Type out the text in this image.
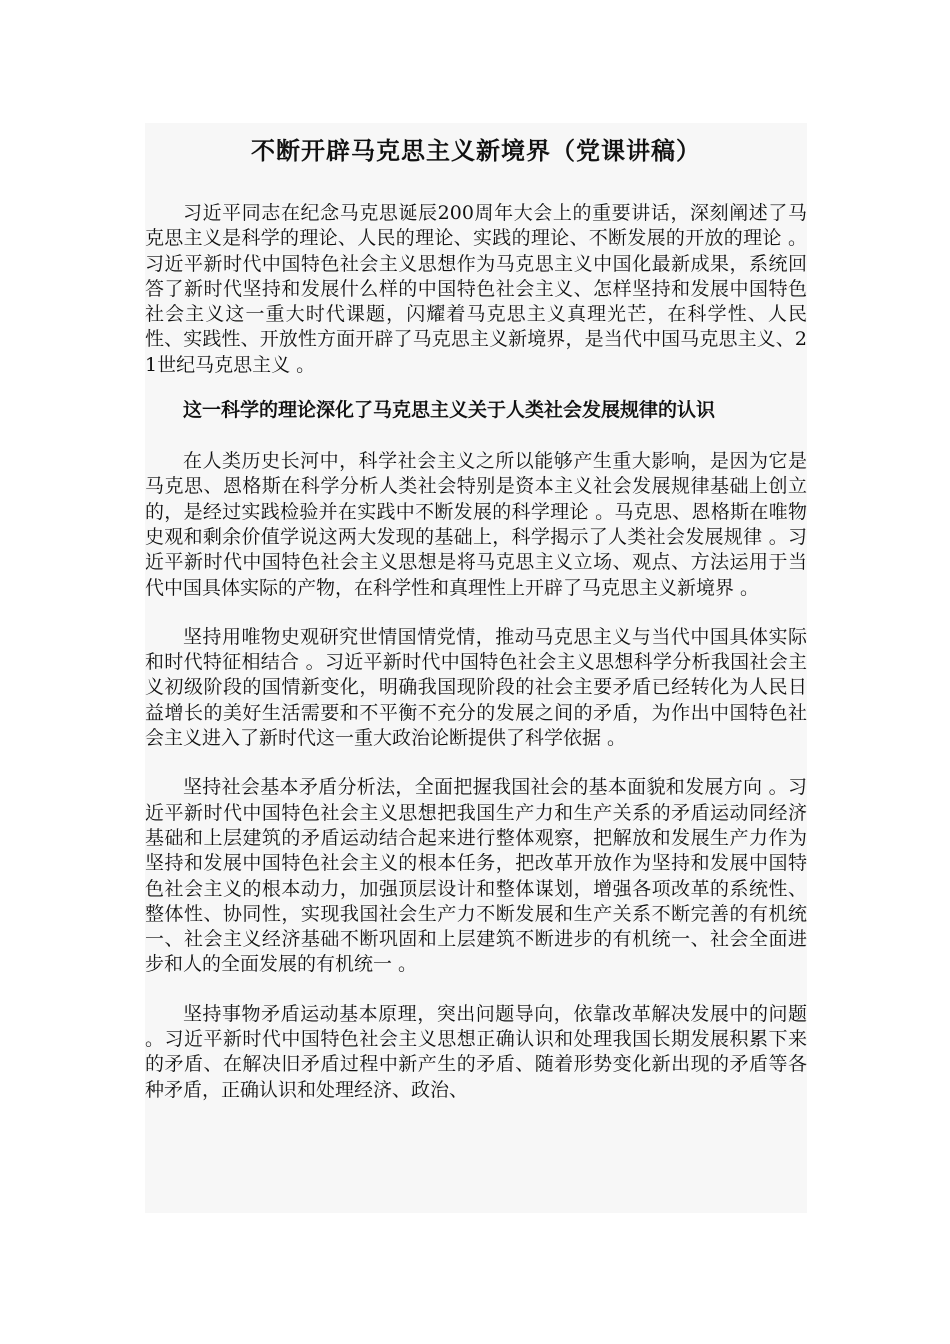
不断开辟马克思主义新境界（党课讲稿）

习近平同志在纪念马克思诞辰200周年大会上的重要讲话，深刻阐述了马克思主义是科学的理论、人民的理论、实践的理论、不断发展的开放的理论 。习近平新时代中国特色社会主义思想作为马克思主义中国化最新成果，系统回答了新时代坚持和发展什么样的中国特色社会主义、怎样坚持和发展中国特色社会主义这一重大时代课题，闪耀着马克思主义真理光芒，在科学性、人民性、实践性、开放性方面开辟了马克思主义新境界，是当代中国马克思主义、21世纪马克思主义 。

这一科学的理论深化了马克思主义关于人类社会发展规律的认识

在人类历史长河中，科学社会主义之所以能够产生重大影响，是因为它是马克思、恩格斯在科学分析人类社会特别是资本主义社会发展规律基础上创立的，是经过实践检验并在实践中不断发展的科学理论 。马克思、恩格斯在唯物史观和剩余价值学说这两大发现的基础上，科学揭示了人类社会发展规律 。习近平新时代中国特色社会主义思想是将马克思主义立场、观点、方法运用于当代中国具体实际的产物，在科学性和真理性上开辟了马克思主义新境界 。

坚持用唯物史观研究世情国情党情，推动马克思主义与当代中国具体实际和时代特征相结合 。习近平新时代中国特色社会主义思想科学分析我国社会主义初级阶段的国情新变化，明确我国现阶段的社会主要矛盾已经转化为人民日益增长的美好生活需要和不平衡不充分的发展之间的矛盾，为作出中国特色社会主义进入了新时代这一重大政治论断提供了科学依据 。

坚持社会基本矛盾分析法，全面把握我国社会的基本面貌和发展方向 。习近平新时代中国特色社会主义思想把我国生产力和生产关系的矛盾运动同经济基础和上层建筑的矛盾运动结合起来进行整体观察，把解放和发展生产力作为坚持和发展中国特色社会主义的根本任务，把改革开放作为坚持和发展中国特色社会主义的根本动力，加强顶层设计和整体谋划，增强各项改革的系统性、整体性、协同性，实现我国社会生产力不断发展和生产关系不断完善的有机统一、社会主义经济基础不断巩固和上层建筑不断进步的有机统一、社会全面进步和人的全面发展的有机统一 。

坚持事物矛盾运动基本原理，突出问题导向，依靠改革解决发展中的问题 。习近平新时代中国特色社会主义思想正确认识和处理我国长期发展积累下来的矛盾、在解决旧矛盾过程中新产生的矛盾、随着形势变化新出现的矛盾等各种矛盾，正确认识和处理经济、政治、
